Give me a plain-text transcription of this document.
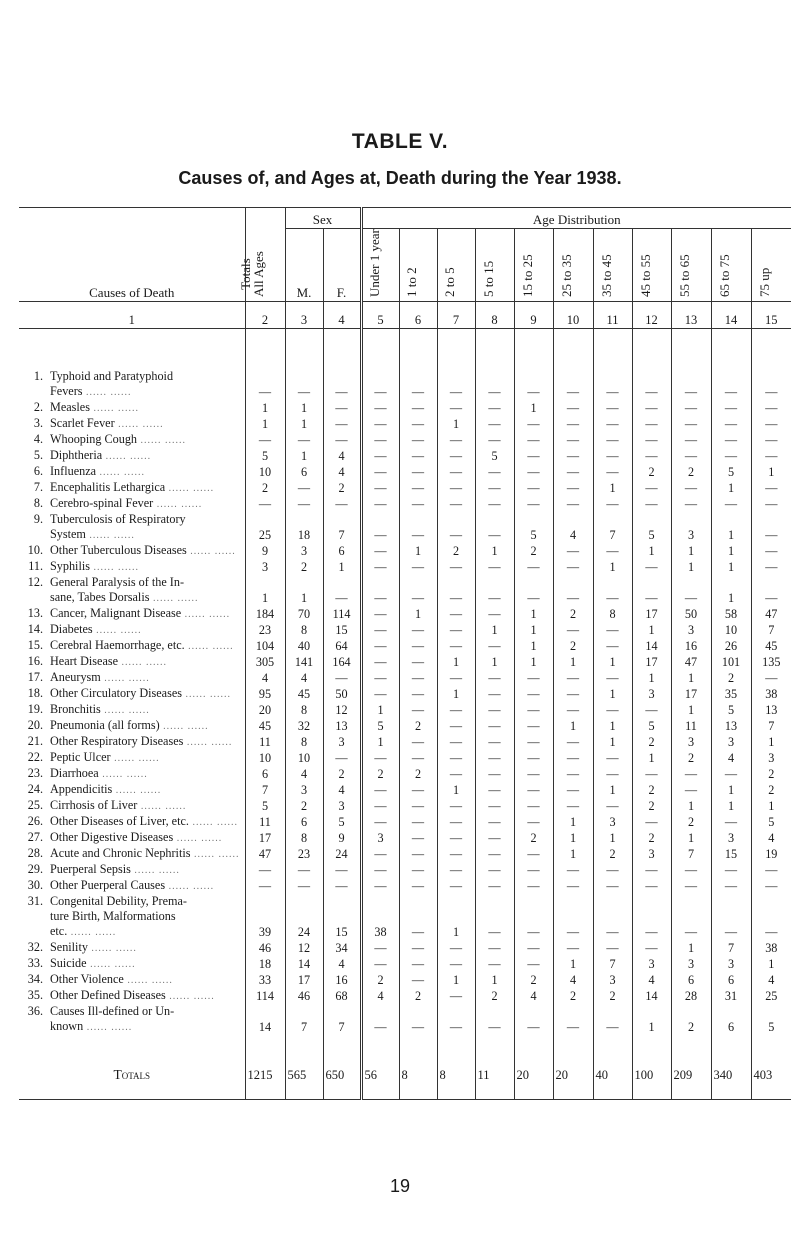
TABLE V.
Causes of, and Ages at, Death during the Year 1938.
Causes of Death	Totals
All Ages	Sex		Age Distribution										
		M.	F.	Under 1 year	1 to 2	2 to 5	5 to 15	15 to 25	25 to 35	35 to 45	45 to 55	55 to 65	65 to 75	75 up

1	2	3	4	5	6	7	8	9	10	11	12	13	14	15

1. Typhoid and Paratyphoid														
Fevers ...... ......	—	—	—	—	—	—	—	—	—	—	—	—	—	—
2. Measles ...... ......	1	1	—	—	—	—	—	1	—	—	—	—	—	—
3. Scarlet Fever ...... ......	1	1	—	—	—	1	—	—	—	—	—	—	—	—
4. Whooping Cough ...... ......	—	—	—	—	—	—	—	—	—	—	—	—	—	—
5. Diphtheria ...... ......	5	1	4	—	—	—	5	—	—	—	—	—	—	—
6. Influenza ...... ......	10	6	4	—	—	—	—	—	—	—	2	2	5	1
7. Encephalitis Lethargica ...... ......	2	—	2	—	—	—	—	—	—	1	—	—	1	—
8. Cerebro-spinal Fever ...... ......	—	—	—	—	—	—	—	—	—	—	—	—	—	—
9. Tuberculosis of Respiratory														
System ...... ......	25	18	7	—	—	—	—	5	4	7	5	3	1	—
10. Other Tuberculous Diseases ...... ......	9	3	6	—	1	2	1	2	—	—	1	1	1	—
11. Syphilis ...... ......	3	2	1	—	—	—	—	—	—	1	—	1	1	—
12. General Paralysis of the In-														
sane, Tabes Dorsalis ...... ......	1	1	—	—	—	—	—	—	—	—	—	—	1	—
13. Cancer, Malignant Disease ...... ......	184	70	114	—	1	—	—	1	2	8	17	50	58	47
14. Diabetes ...... ......	23	8	15	—	—	—	1	1	—	—	1	3	10	7
15. Cerebral Haemorrhage, etc. ...... ......	104	40	64	—	—	—	—	1	2	—	14	16	26	45
16. Heart Disease ...... ......	305	141	164	—	—	1	1	1	1	1	17	47	101	135
17. Aneurysm ...... ......	4	4	—	—	—	—	—	—	—	—	1	1	2	—
18. Other Circulatory Diseases ...... ......	95	45	50	—	—	1	—	—	—	1	3	17	35	38
19. Bronchitis ...... ......	20	8	12	1	—	—	—	—	—	—	—	1	5	13
20. Pneumonia (all forms) ...... ......	45	32	13	5	2	—	—	—	1	1	5	11	13	7
21. Other Respiratory Diseases ...... ......	11	8	3	1	—	—	—	—	—	1	2	3	3	1
22. Peptic Ulcer ...... ......	10	10	—	—	—	—	—	—	—	—	1	2	4	3
23. Diarrhoea ...... ......	6	4	2	2	2	—	—	—	—	—	—	—	—	2
24. Appendicitis ...... ......	7	3	4	—	—	1	—	—	—	1	2	—	1	2
25. Cirrhosis of Liver ...... ......	5	2	3	—	—	—	—	—	—	—	2	1	1	1
26. Other Diseases of Liver, etc. ...... ......	11	6	5	—	—	—	—	—	1	3	—	2	—	5
27. Other Digestive Diseases ...... ......	17	8	9	3	—	—	—	2	1	1	2	1	3	4
28. Acute and Chronic Nephritis ...... ......	47	23	24	—	—	—	—	—	1	2	3	7	15	19
29. Puerperal Sepsis ...... ......	—	—	—	—	—	—	—	—	—	—	—	—	—	—
30. Other Puerperal Causes ...... ......	—	—	—	—	—	—	—	—	—	—	—	—	—	—
31. Congenital Debility, Prema-														
ture Birth, Malformations														
etc. ...... ......	39	24	15	38	—	1	—	—	—	—	—	—	—	—
32. Senility ...... ......	46	12	34	—	—	—	—	—	—	—	—	1	7	38
33. Suicide ...... ......	18	14	4	—	—	—	—	—	1	7	3	3	3	1
34. Other Violence ...... ......	33	17	16	2	—	1	1	2	4	3	4	6	6	4
35. Other Defined Diseases ...... ......	114	46	68	4	2	—	2	4	2	2	14	28	31	25
36. Causes Ill-defined or Un-														
known ...... ......	14	7	7	—	—	—	—	—	—	—	1	2	6	5

Totals	1215	565	650	56	8	8	11	20	20	40	100	209	340	403

19
